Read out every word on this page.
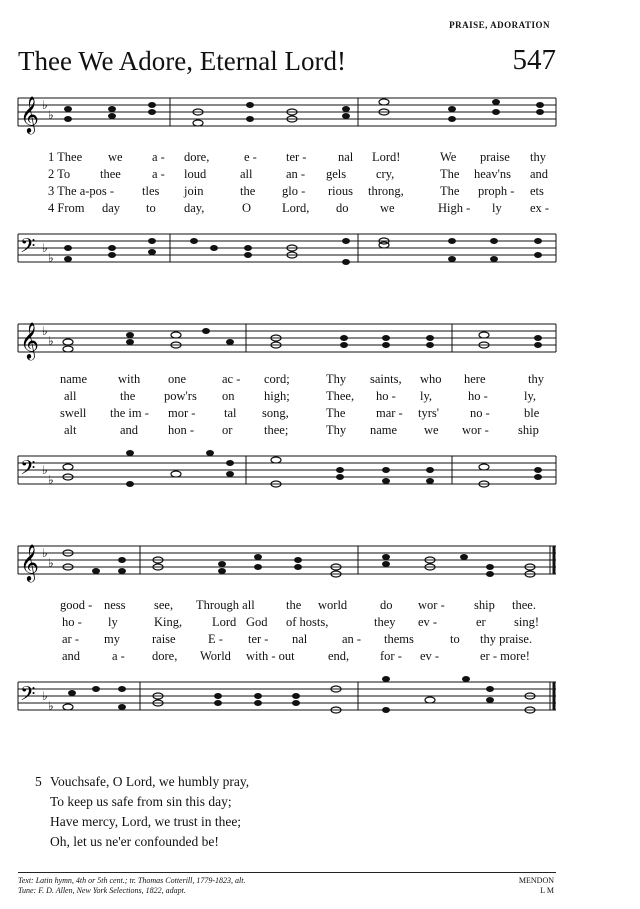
PRAISE, ADORATION
Thee We Adore, Eternal Lord!	547
𝄞 ♭
♭
1 Thee we a - dore,	e - ter -	nal Lord!	We praise thy
2 To thee a - loud	all	an - gels cry,	The heav'ns and
3 The a-pos - tles join	the glo - rious throng,	The proph - ets
4 From day to day,	O Lord, do	we	High - ly ex -
𝄢 ♭
♭
𝄞 ♭
♭
name with one	ac - cord;	Thy saints, who here	thy
all	the pow'rs on high;	Thee, ho - ly,	ho -	ly,
swell the im - mor - tal song,	The mar - tyrs' no -	ble
alt	and hon - or	thee;	Thy name we wor - ship
𝄢 ♭
♭
𝄞 ♭
♭
good - ness see, Through all	the world	do wor - ship thee.
ho - ly	King, Lord God of hosts,	they ev -	er sing!
ar - my	raise	E - ter - nal	an - thems	to thy praise.
and	a - dore, World with - out	end, for - ev -	er - more!
𝄢 ♭
♭
5 Vouchsafe, O Lord, we humbly pray,
To keep us safe from sin this day;
Have mercy, Lord, we trust in thee;
Oh, let us ne'er confounded be!
Text: Latin hymn, 4th or 5th cent.; tr. Thomas Cotterill, 1779-1823, alt.
Tune: F. D. Allen, New York Selections, 1822, adapt.
MENDON
L M
